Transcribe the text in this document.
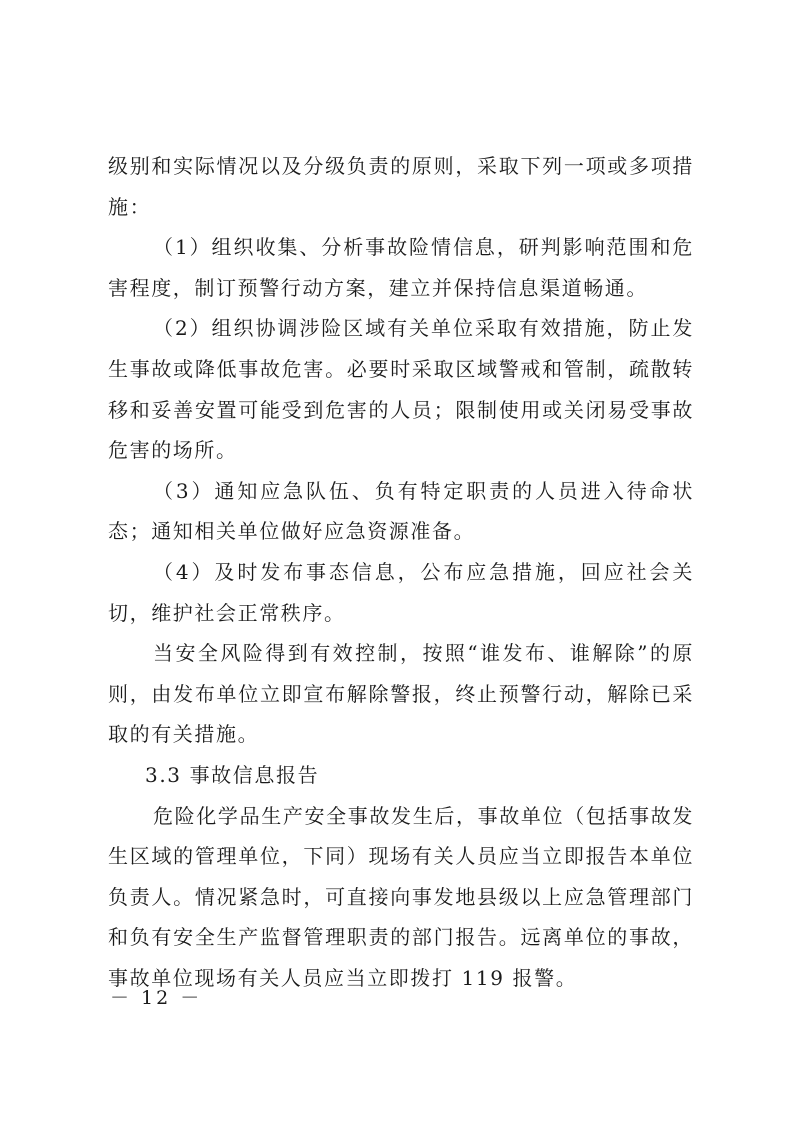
级别和实际情况以及分级负责的原则，采取下列一项或多项措施：

（1）组织收集、分析事故险情信息，研判影响范围和危害程度，制订预警行动方案，建立并保持信息渠道畅通。

（2）组织协调涉险区域有关单位采取有效措施，防止发生事故或降低事故危害。必要时采取区域警戒和管制，疏散转移和妥善安置可能受到危害的人员；限制使用或关闭易受事故危害的场所。

（3）通知应急队伍、负有特定职责的人员进入待命状态；通知相关单位做好应急资源准备。

（4）及时发布事态信息，公布应急措施，回应社会关切，维护社会正常秩序。

当安全风险得到有效控制，按照“谁发布、谁解除”的原则，由发布单位立即宣布解除警报，终止预警行动，解除已采取的有关措施。

3.3 事故信息报告

危险化学品生产安全事故发生后，事故单位（包括事故发生区域的管理单位，下同）现场有关人员应当立即报告本单位负责人。情况紧急时，可直接向事发地县级以上应急管理部门和负有安全生产监督管理职责的部门报告。远离单位的事故，事故单位现场有关人员应当立即拨打 119 报警。

－ 12 －
